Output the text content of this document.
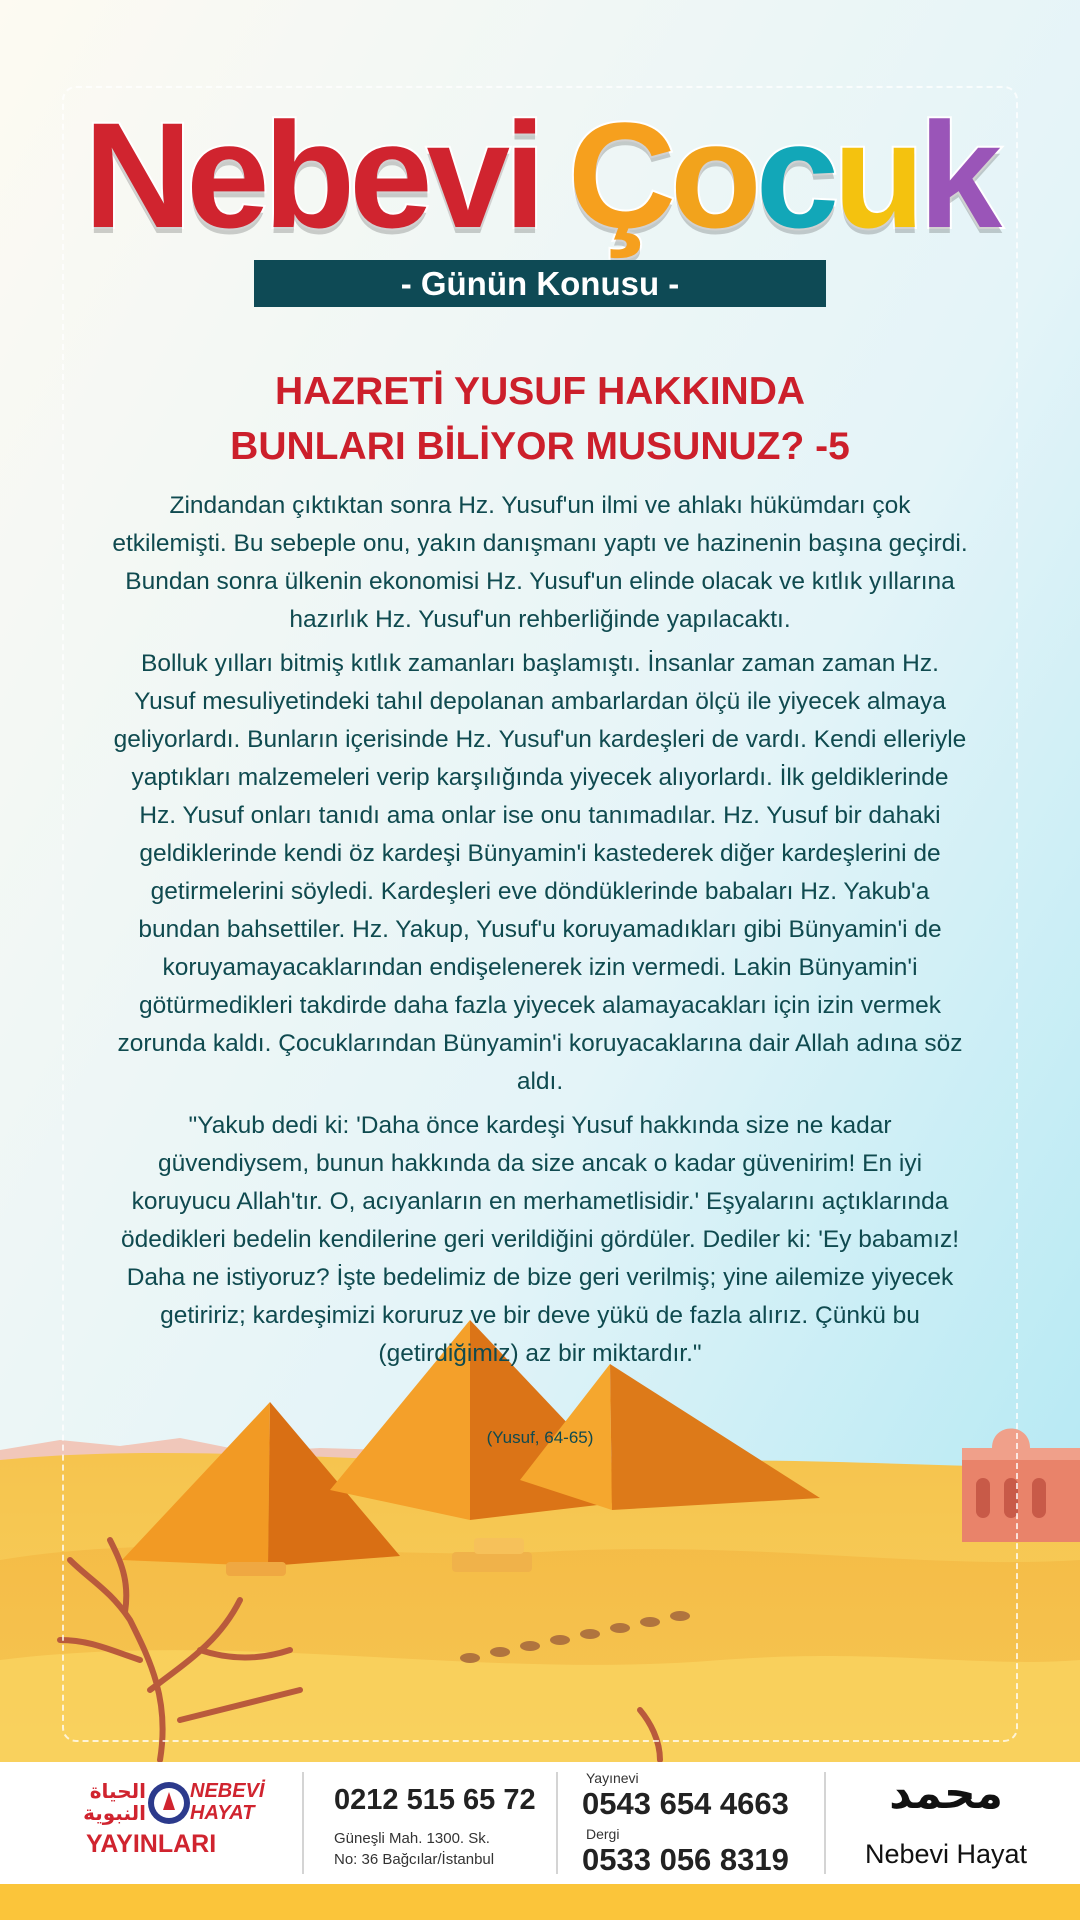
Nebevi Çocuk
- Günün Konusu -
HAZRETİ YUSUF HAKKINDA
BUNLARI BİLİYOR MUSUNUZ? -5

Zindandan çıktıktan sonra Hz. Yusuf'un ilmi ve ahlakı hükümdarı çok etkilemişti. Bu sebeple onu, yakın danışmanı yaptı ve hazinenin başına geçirdi. Bundan sonra ülkenin ekonomisi Hz. Yusuf'un elinde olacak ve kıtlık yıllarına hazırlık Hz. Yusuf'un rehberliğinde yapılacaktı.

Bolluk yılları bitmiş kıtlık zamanları başlamıştı. İnsanlar zaman zaman Hz. Yusuf mesuliyetindeki tahıl depolanan ambarlardan ölçü ile yiyecek almaya geliyorlardı. Bunların içerisinde Hz. Yusuf'un kardeşleri de vardı. Kendi elleriyle yaptıkları malzemeleri verip karşılığında yiyecek alıyorlardı. İlk geldiklerinde Hz. Yusuf onları tanıdı ama onlar ise onu tanımadılar. Hz. Yusuf bir dahaki geldiklerinde kendi öz kardeşi Bünyamin'i kastederek diğer kardeşlerini de getirmelerini söyledi. Kardeşleri eve döndüklerinde babaları Hz. Yakub'a bundan bahsettiler. Hz. Yakup, Yusuf'u koruyamadıkları gibi Bünyamin'i de koruyamayacaklarından endişelenerek izin vermedi. Lakin Bünyamin'i götürmedikleri takdirde daha fazla yiyecek alamayacakları için izin vermek zorunda kaldı. Çocuklarından Bünyamin'i koruyacaklarına dair Allah adına söz aldı.

"Yakub dedi ki: 'Daha önce kardeşi Yusuf hakkında size ne kadar güvendiysem, bunun hakkında da size ancak o kadar güvenirim! En iyi koruyucu Allah'tır. O, acıyanların en merhametlisidir.' Eşyalarını açtıklarında ödedikleri bedelin kendilerine geri verildiğini gördüler. Dediler ki: 'Ey babamız! Daha ne istiyoruz? İşte bedelimiz de bize geri verilmiş; yine ailemize yiyecek getiririz; kardeşimizi koruruz ve bir deve yükü de fazla alırız. Çünkü bu (getirdiğimiz) az bir miktardır."

(Yusuf, 64-65)
الحياة
النبوية
NEBEVİ
HAYAT
YAYINLARI
0212 515 65 72
Güneşli Mah. 1300. Sk.
No: 36 Bağcılar/İstanbul
Yayınevi
0543 654 4663
Dergi
0533 056 8319
محمد
Nebevi Hayat
